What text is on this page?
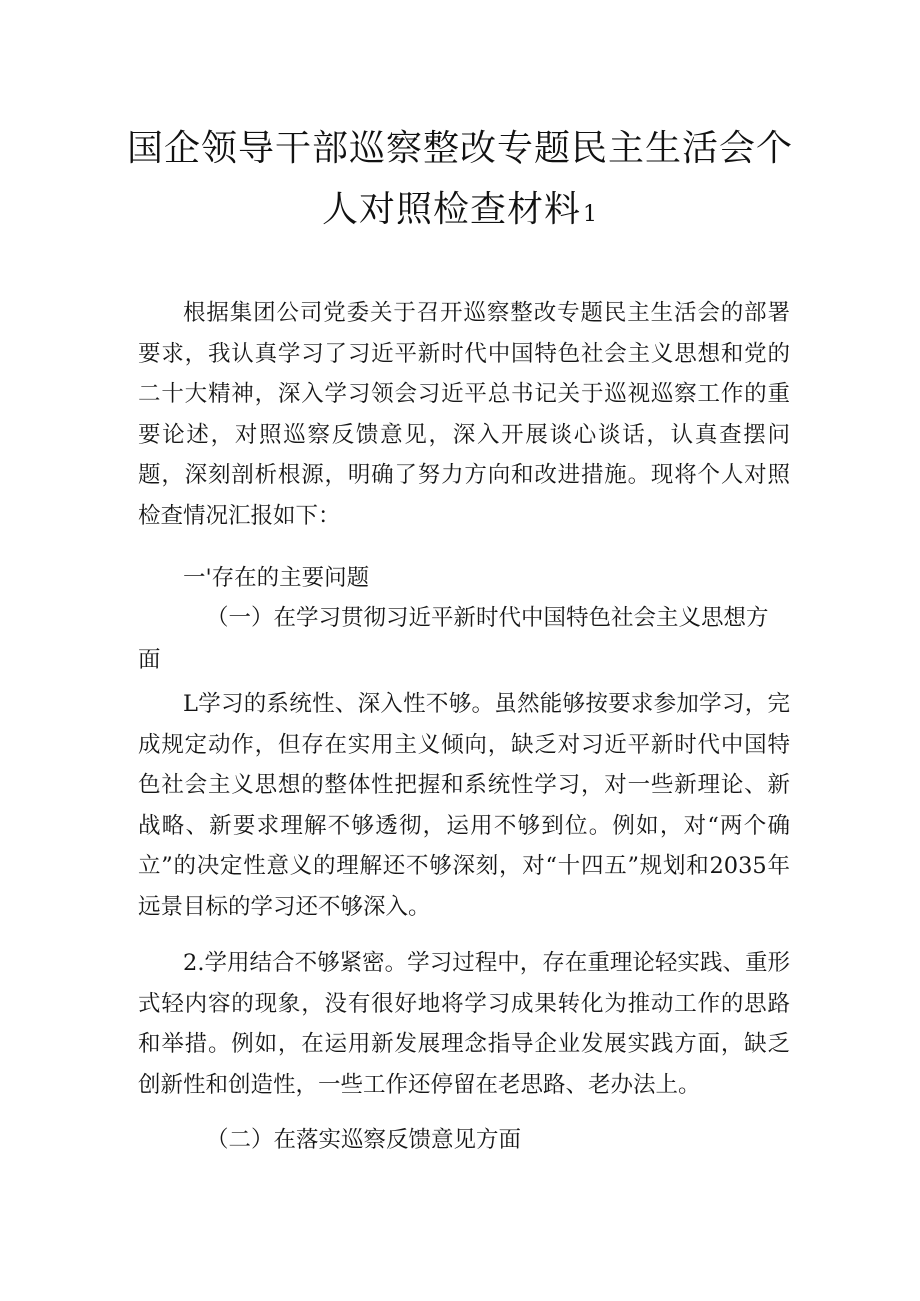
国企领导干部巡察整改专题民主生活会个
人对照检查材料1
根据集团公司党委关于召开巡察整改专题民主生活会的部署要求，我认真学习了习近平新时代中国特色社会主义思想和党的二十大精神，深入学习领会习近平总书记关于巡视巡察工作的重要论述，对照巡察反馈意见，深入开展谈心谈话，认真查摆问题，深刻剖析根源，明确了努力方向和改进措施。现将个人对照检查情况汇报如下：
一'存在的主要问题
（一）在学习贯彻习近平新时代中国特色社会主义思想方
面
L学习的系统性、深入性不够。虽然能够按要求参加学习，完成规定动作，但存在实用主义倾向，缺乏对习近平新时代中国特色社会主义思想的整体性把握和系统性学习，对一些新理论、新战略、新要求理解不够透彻，运用不够到位。例如，对“两个确立”的决定性意义的理解还不够深刻，对“十四五”规划和2035年远景目标的学习还不够深入。
2.学用结合不够紧密。学习过程中，存在重理论轻实践、重形式轻内容的现象，没有很好地将学习成果转化为推动工作的思路和举措。例如，在运用新发展理念指导企业发展实践方面，缺乏创新性和创造性，一些工作还停留在老思路、老办法上。
（二）在落实巡察反馈意见方面
